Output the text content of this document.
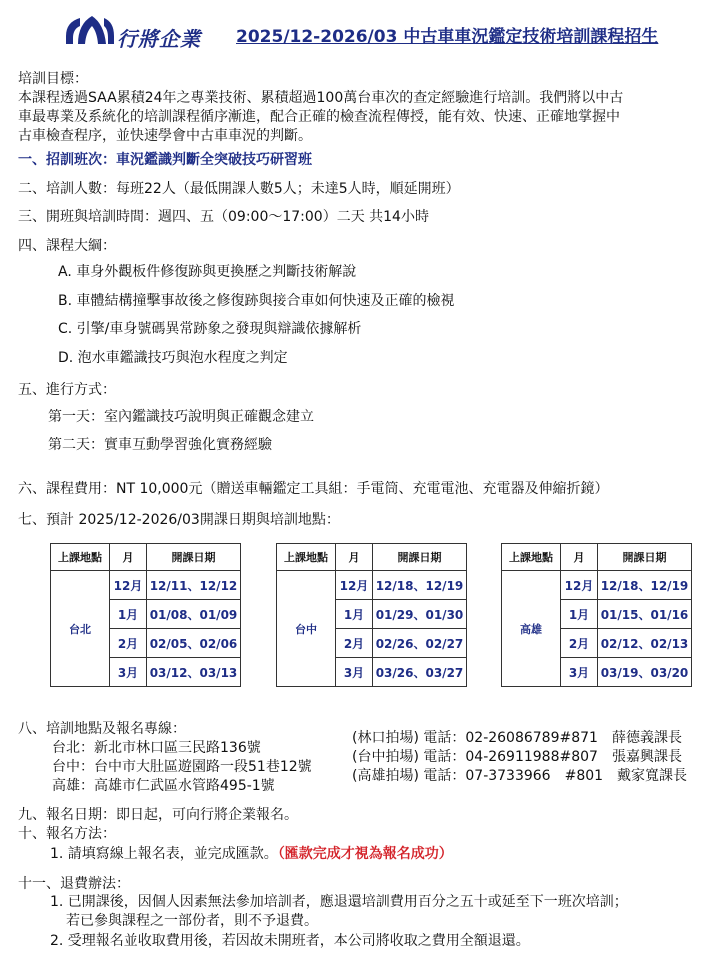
行將企業 2025/12-2026/03 中古車車況鑑定技術培訓課程招生
培訓目標：
本課程透過SAA累積24年之專業技術、累積超過100萬台車次的查定經驗進行培訓。我們將以中古
車最專業及系統化的培訓課程循序漸進，配合正確的檢查流程傳授，能有效、快速、正確地掌握中
古車檢查程序，並快速學會中古車車況的判斷。
一、招訓班次：車況鑑識判斷全突破技巧研習班
二、培訓人數：每班22人（最低開課人數5人；未達5人時，順延開班）
三、開班與培訓時間：週四、五（09:00～17:00）二天 共14小時
四、課程大綱：
A. 車身外觀板件修復跡與更換歷之判斷技術解說
B. 車體結構撞擊事故後之修復跡與接合車如何快速及正確的檢視
C. 引擎/車身號碼異常跡象之發現與辯識依據解析
D. 泡水車鑑識技巧與泡水程度之判定
五、進行方式：
第一天：室內鑑識技巧說明與正確觀念建立
第二天：實車互動學習強化實務經驗
六、課程費用：NT 10,000元（贈送車輛鑑定工具組：手電筒、充電電池、充電器及伸縮折鏡）
七、預計 2025/12-2026/03開課日期與培訓地點：
上課地點	月	開課日期
台北	12月	12/11、12/12
	1月	01/08、01/09
	2月	02/05、02/06
	3月	03/12、03/13
上課地點	月	開課日期
台中	12月	12/18、12/19
	1月	01/29、01/30
	2月	02/26、02/27
	3月	03/26、03/27
上課地點	月	開課日期
高雄	12月	12/18、12/19
	1月	01/15、01/16
	2月	02/12、02/13
	3月	03/19、03/20
八、培訓地點及報名專線：
台北：新北市林口區三民路136號
台中：台中市大肚區遊園路一段51巷12號
高雄：高雄市仁武區水管路495-1號
(林口拍場) 電話：02-26086789#871　薛德義課長
(台中拍場) 電話：04-26911988#807　張嘉興課長
(高雄拍場) 電話：07-3733966　#801　戴家寬課長
九、報名日期：即日起，可向行將企業報名。
十、報名方法：
1. 請填寫線上報名表，並完成匯款。（匯款完成才視為報名成功）
十一、退費辦法：
1. 已開課後，因個人因素無法參加培訓者，應退還培訓費用百分之五十或延至下一班次培訓；
若已參與課程之一部份者，則不予退費。
2. 受理報名並收取費用後，若因故未開班者，本公司將收取之費用全額退還。
